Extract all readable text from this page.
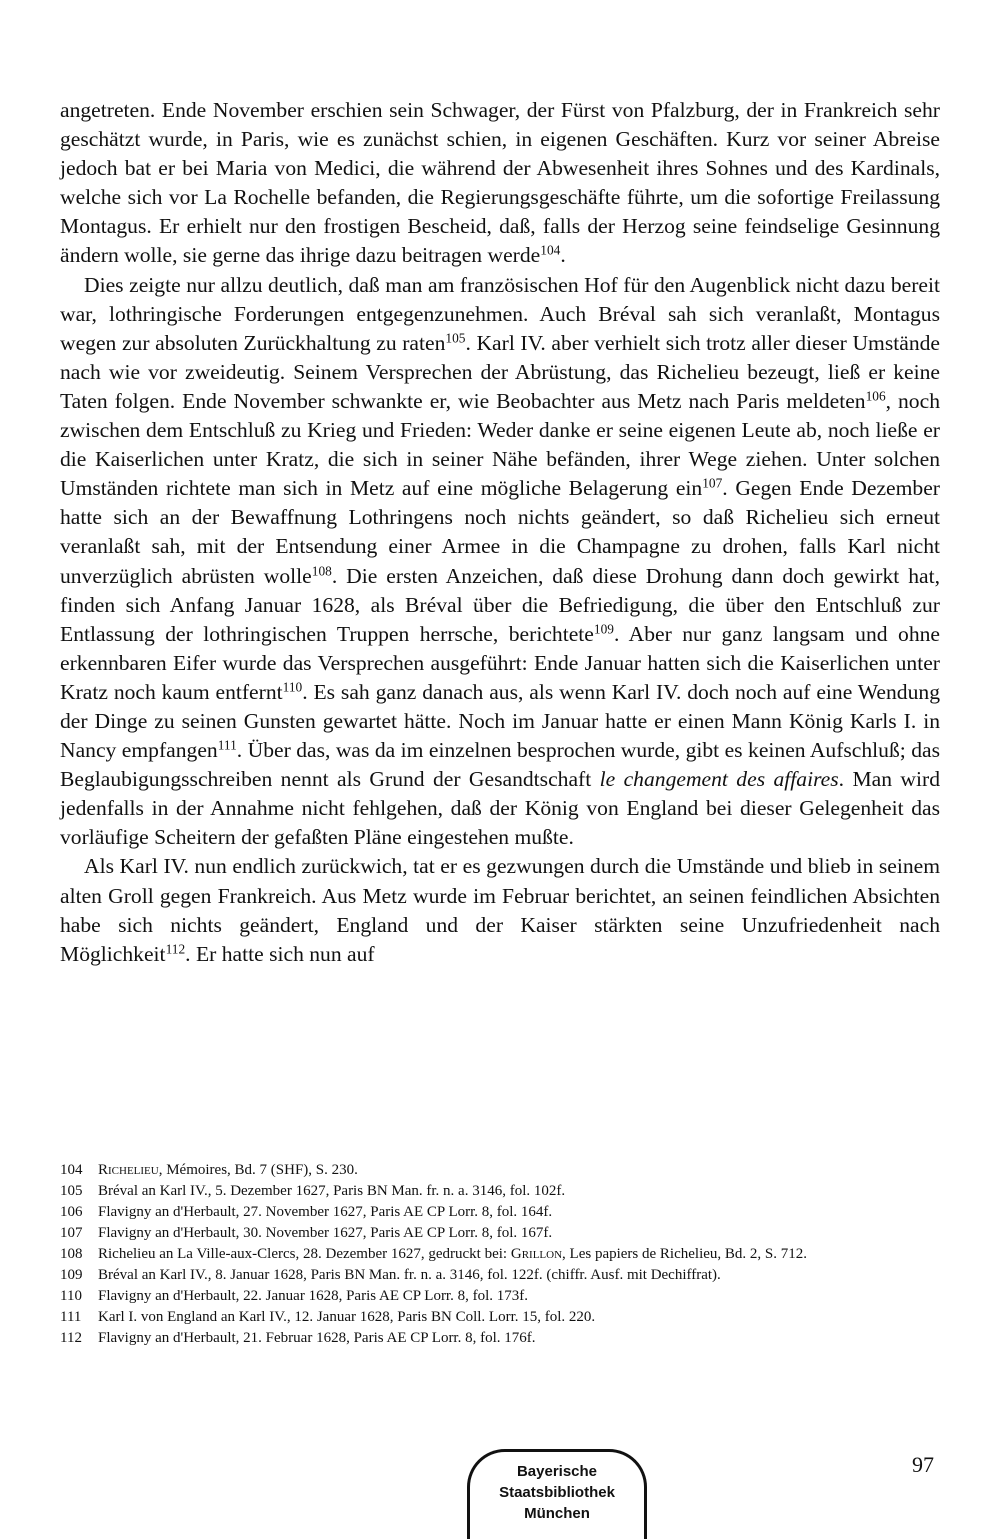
angetreten. Ende November erschien sein Schwager, der Fürst von Pfalzburg, der in Frankreich sehr geschätzt wurde, in Paris, wie es zunächst schien, in eigenen Geschäften. Kurz vor seiner Abreise jedoch bat er bei Maria von Medici, die während der Abwesenheit ihres Sohnes und des Kardinals, welche sich vor La Rochelle befanden, die Regierungsgeschäfte führte, um die sofortige Freilassung Montagus. Er erhielt nur den frostigen Bescheid, daß, falls der Herzog seine feindselige Gesinnung ändern wolle, sie gerne das ihrige dazu beitragen werde$^{104}$.

Dies zeigte nur allzu deutlich, daß man am französischen Hof für den Augenblick nicht dazu bereit war, lothringische Forderungen entgegenzunehmen. Auch Bréval sah sich veranlaßt, Montagus wegen zur absoluten Zurückhaltung zu raten$^{105}$. Karl IV. aber verhielt sich trotz aller dieser Umstände nach wie vor zweideutig. Seinem Versprechen der Abrüstung, das Richelieu bezeugt, ließ er keine Taten folgen. Ende November schwankte er, wie Beobachter aus Metz nach Paris meldeten$^{106}$, noch zwischen dem Entschluß zu Krieg und Frieden: Weder danke er seine eigenen Leute ab, noch ließe er die Kaiserlichen unter Kratz, die sich in seiner Nähe befänden, ihrer Wege ziehen. Unter solchen Umständen richtete man sich in Metz auf eine mögliche Belagerung ein$^{107}$. Gegen Ende Dezember hatte sich an der Bewaffnung Lothringens noch nichts geändert, so daß Richelieu sich erneut veranlaßt sah, mit der Entsendung einer Armee in die Champagne zu drohen, falls Karl nicht unverzüglich abrüsten wolle$^{108}$. Die ersten Anzeichen, daß diese Drohung dann doch gewirkt hat, finden sich Anfang Januar 1628, als Bréval über die Befriedigung, die über den Entschluß zur Entlassung der lothringischen Truppen herrsche, berichtete$^{109}$. Aber nur ganz langsam und ohne erkennbaren Eifer wurde das Versprechen ausgeführt: Ende Januar hatten sich die Kaiserlichen unter Kratz noch kaum entfernt$^{110}$. Es sah ganz danach aus, als wenn Karl IV. doch noch auf eine Wendung der Dinge zu seinen Gunsten gewartet hätte. Noch im Januar hatte er einen Mann König Karls I. in Nancy empfangen$^{111}$. Über das, was da im einzelnen besprochen wurde, gibt es keinen Aufschluß; das Beglaubigungsschreiben nennt als Grund der Gesandtschaft le changement des affaires. Man wird jedenfalls in der Annahme nicht fehlgehen, daß der König von England bei dieser Gelegenheit das vorläufige Scheitern der gefaßten Pläne eingestehen mußte.

Als Karl IV. nun endlich zurückwich, tat er es gezwungen durch die Umstände und blieb in seinem alten Groll gegen Frankreich. Aus Metz wurde im Februar berichtet, an seinen feindlichen Absichten habe sich nichts geändert, England und der Kaiser stärkten seine Unzufriedenheit nach Möglichkeit$^{112}$. Er hatte sich nun auf

104	Richelieu, Mémoires, Bd. 7 (SHF), S. 230.
105	Bréval an Karl IV., 5. Dezember 1627, Paris BN Man. fr. n. a. 3146, fol. 102f.
106	Flavigny an d'Herbault, 27. November 1627, Paris AE CP Lorr. 8, fol. 164f.
107	Flavigny an d'Herbault, 30. November 1627, Paris AE CP Lorr. 8, fol. 167f.
108	Richelieu an La Ville-aux-Clercs, 28. Dezember 1627, gedruckt bei: Grillon, Les papiers de Richelieu, Bd. 2, S. 712.
109	Bréval an Karl IV., 8. Januar 1628, Paris BN Man. fr. n. a. 3146, fol. 122f. (chiffr. Ausf. mit Dechiffrat).
110	Flavigny an d'Herbault, 22. Januar 1628, Paris AE CP Lorr. 8, fol. 173f.
111	Karl I. von England an Karl IV., 12. Januar 1628, Paris BN Coll. Lorr. 15, fol. 220.
112	Flavigny an d'Herbault, 21. Februar 1628, Paris AE CP Lorr. 8, fol. 176f.
97
Bayerische
Staatsbibliothek
München
